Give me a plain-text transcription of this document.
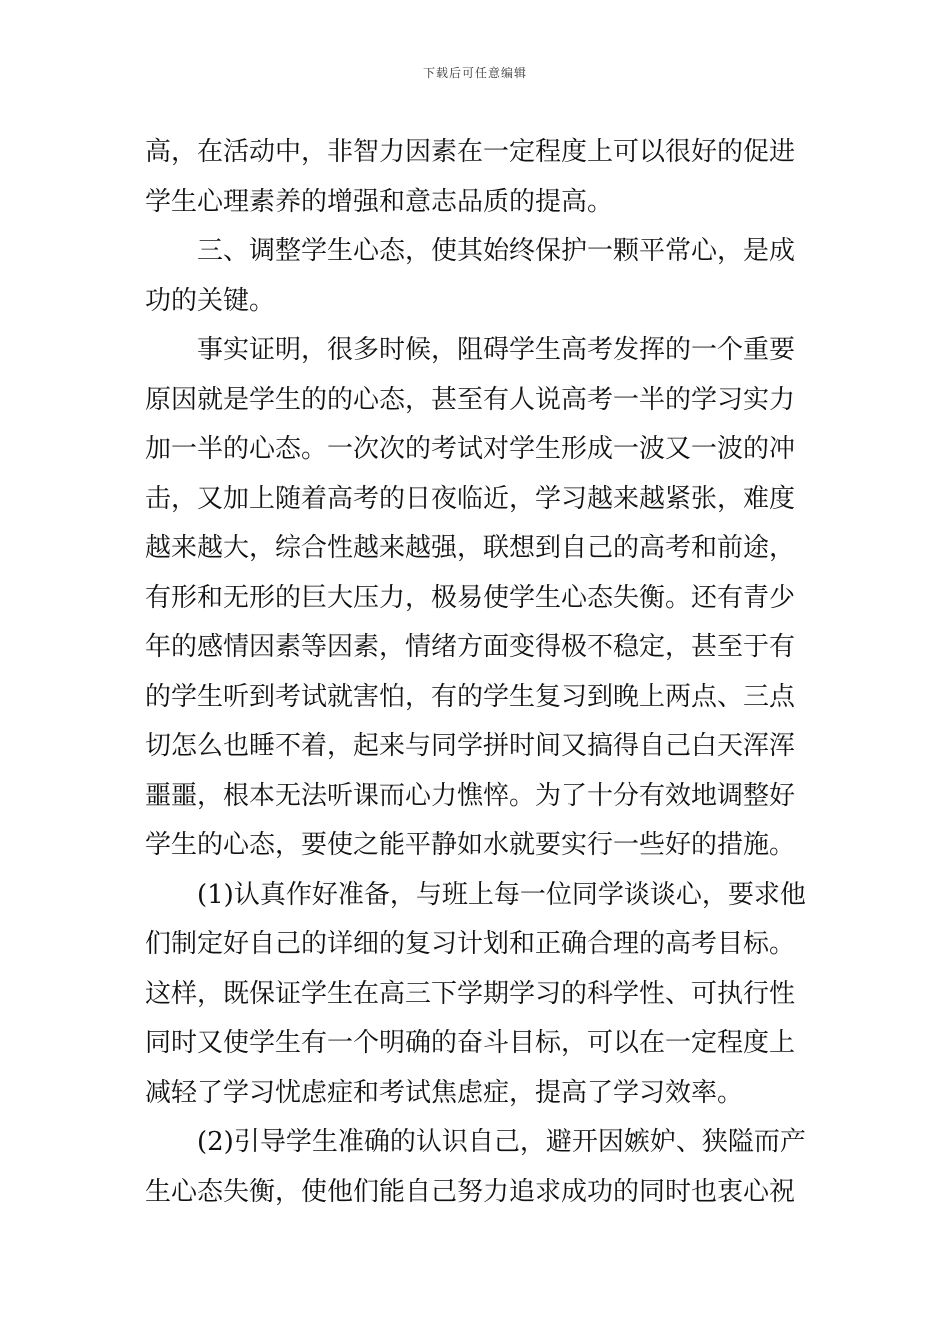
下载后可任意编辑
高，在活动中，非智力因素在一定程度上可以很好的促进
学生心理素养的增强和意志品质的提高。
三、调整学生心态，使其始终保护一颗平常心，是成
功的关键。
事实证明，很多时候，阻碍学生高考发挥的一个重要
原因就是学生的的心态，甚至有人说高考一半的学习实力
加一半的心态。一次次的考试对学生形成一波又一波的冲
击，又加上随着高考的日夜临近，学习越来越紧张，难度
越来越大，综合性越来越强，联想到自己的高考和前途，
有形和无形的巨大压力，极易使学生心态失衡。还有青少
年的感情因素等因素，情绪方面变得极不稳定，甚至于有
的学生听到考试就害怕，有的学生复习到晚上两点、三点
切怎么也睡不着，起来与同学拼时间又搞得自己白天浑浑
噩噩，根本无法听课而心力憔悴。为了十分有效地调整好
学生的心态，要使之能平静如水就要实行一些好的措施。
(1)认真作好准备，与班上每一位同学谈谈心，要求他
们制定好自己的详细的复习计划和正确合理的高考目标。
这样，既保证学生在高三下学期学习的科学性、可执行性
同时又使学生有一个明确的奋斗目标，可以在一定程度上
减轻了学习忧虑症和考试焦虑症，提高了学习效率。
(2)引导学生准确的认识自己，避开因嫉妒、狭隘而产
生心态失衡，使他们能自己努力追求成功的同时也衷心祝
